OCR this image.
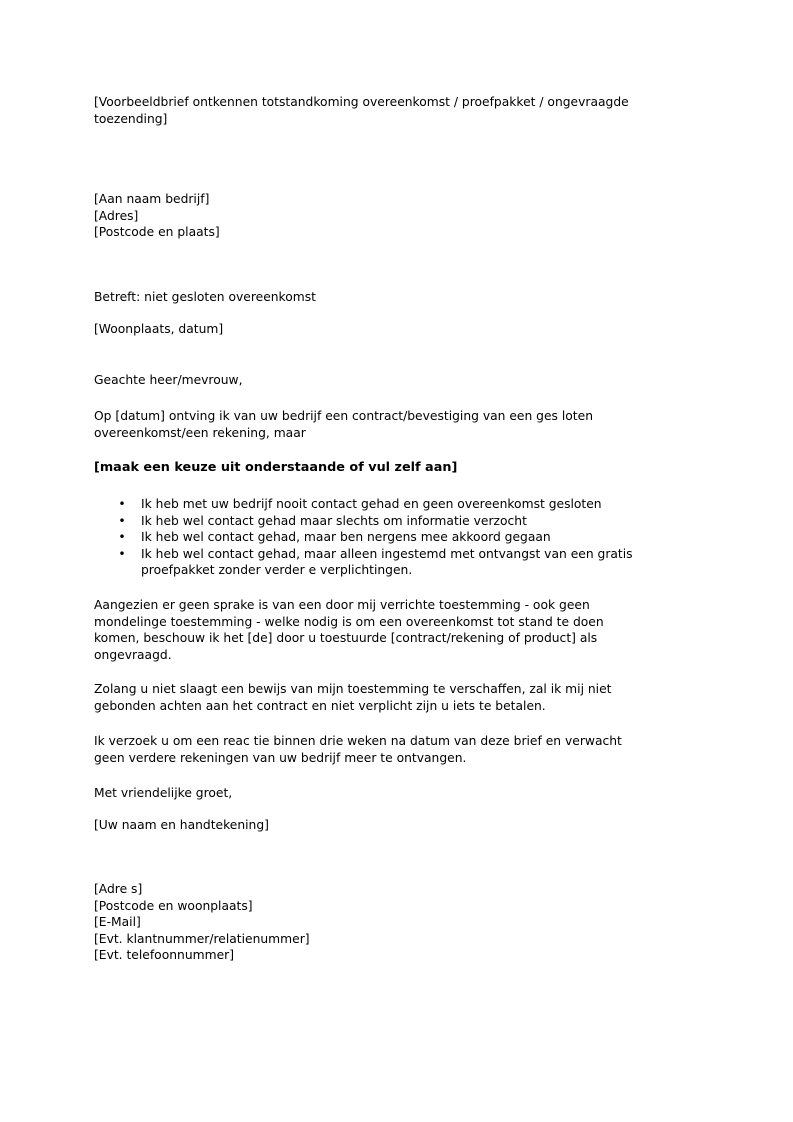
[Voorbeeldbrief ontkennen totstandkoming overeenkomst / proefpakket / ongevraagde
toezending]
[Aan naam bedrijf]
[Adres]
[Postcode en plaats]
Betreft: niet gesloten overeenkomst
[Woonplaats, datum]
Geachte heer/mevrouw,
Op [datum] ontving ik van uw bedrijf een contract/bevestiging van een ges loten
overeenkomst/een rekening, maar
[maak een keuze uit onderstaande of vul zelf aan]
• Ik heb met uw bedrijf nooit contact gehad en geen overeenkomst gesloten
• Ik heb wel contact gehad maar slechts om informatie verzocht
• Ik heb wel contact gehad, maar ben nergens mee akkoord gegaan
• Ik heb wel contact gehad, maar alleen ingestemd met ontvangst van een gratis
proefpakket zonder verder e verplichtingen.
Aangezien er geen sprake is van een door mij verrichte toestemming - ook geen
mondelinge toestemming - welke nodig is om een overeenkomst tot stand te doen
komen, beschouw ik het [de] door u toestuurde [contract/rekening of product] als
ongevraagd.
Zolang u niet slaagt een bewijs van mijn toestemming te verschaffen, zal ik mij niet
gebonden achten aan het contract en niet verplicht zijn u iets te betalen.
Ik verzoek u om een reac tie binnen drie weken na datum van deze brief en verwacht
geen verdere rekeningen van uw bedrijf meer te ontvangen.
Met vriendelijke groet,
[Uw naam en handtekening]
[Adre s]
[Postcode en woonplaats]
[E-Mail]
[Evt. klantnummer/relatienummer]
[Evt. telefoonnummer]
